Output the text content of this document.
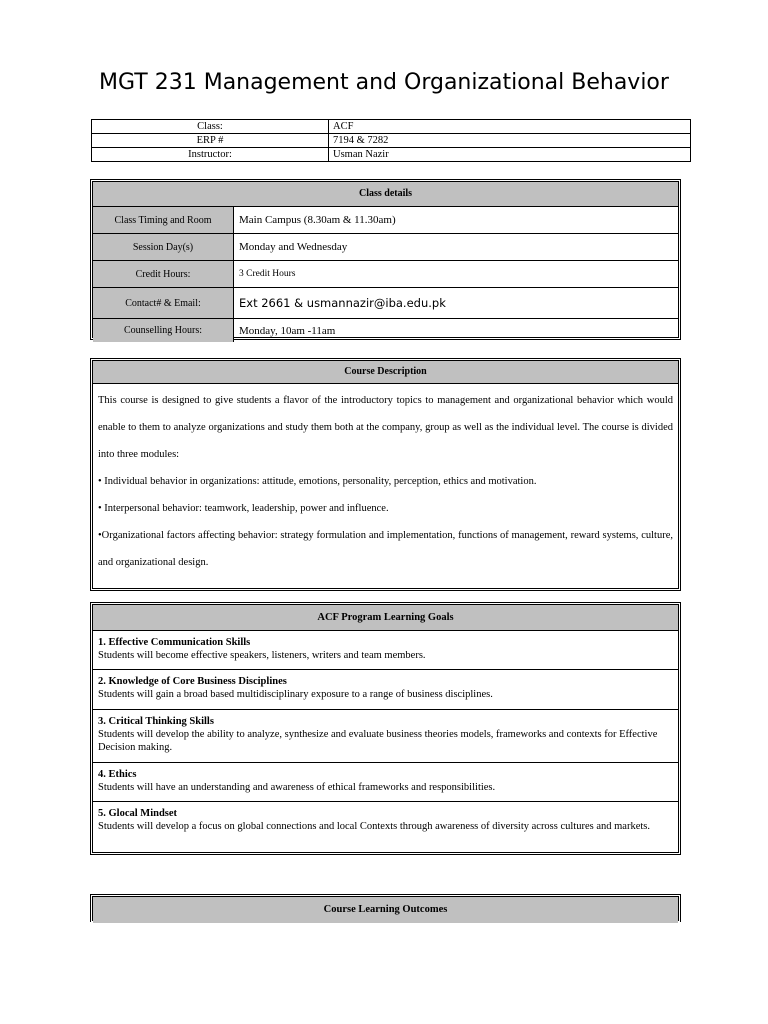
MGT 231 Management and Organizational Behavior
Class:	ACF
ERP #	7194 & 7282
Instructor:	Usman Nazir
Class details
Class Timing and Room	Main Campus (8.30am & 11.30am)
Session Day(s)	Monday and Wednesday
Credit Hours:	3 Credit Hours
Contact# & Email:	Ext 2661 & usmannazir@iba.edu.pk
Counselling Hours:	Monday, 10am -11am
Course Description

This course is designed to give students a flavor of the introductory topics to management and organizational behavior which would enable to them to analyze organizations and study them both at the company, group as well as the individual level. The course is divided into three modules:

• Individual behavior in organizations: attitude, emotions, personality, perception, ethics and motivation.

• Interpersonal behavior: teamwork, leadership, power and influence.

•Organizational factors affecting behavior: strategy formulation and implementation, functions of management, reward systems, culture, and organizational design.

ACF Program Learning Goals
1. Effective Communication Skills
Students will become effective speakers, listeners, writers and team members.
2. Knowledge of Core Business Disciplines
Students will gain a broad based multidisciplinary exposure to a range of business disciplines.
3. Critical Thinking Skills
Students will develop the ability to analyze, synthesize and evaluate business theories models, frameworks and contexts for Effective Decision making.
4. Ethics
Students will have an understanding and awareness of ethical frameworks and responsibilities.
5. Glocal Mindset
Students will develop a focus on global connections and local Contexts through awareness of diversity across cultures and markets.
Course Learning Outcomes
